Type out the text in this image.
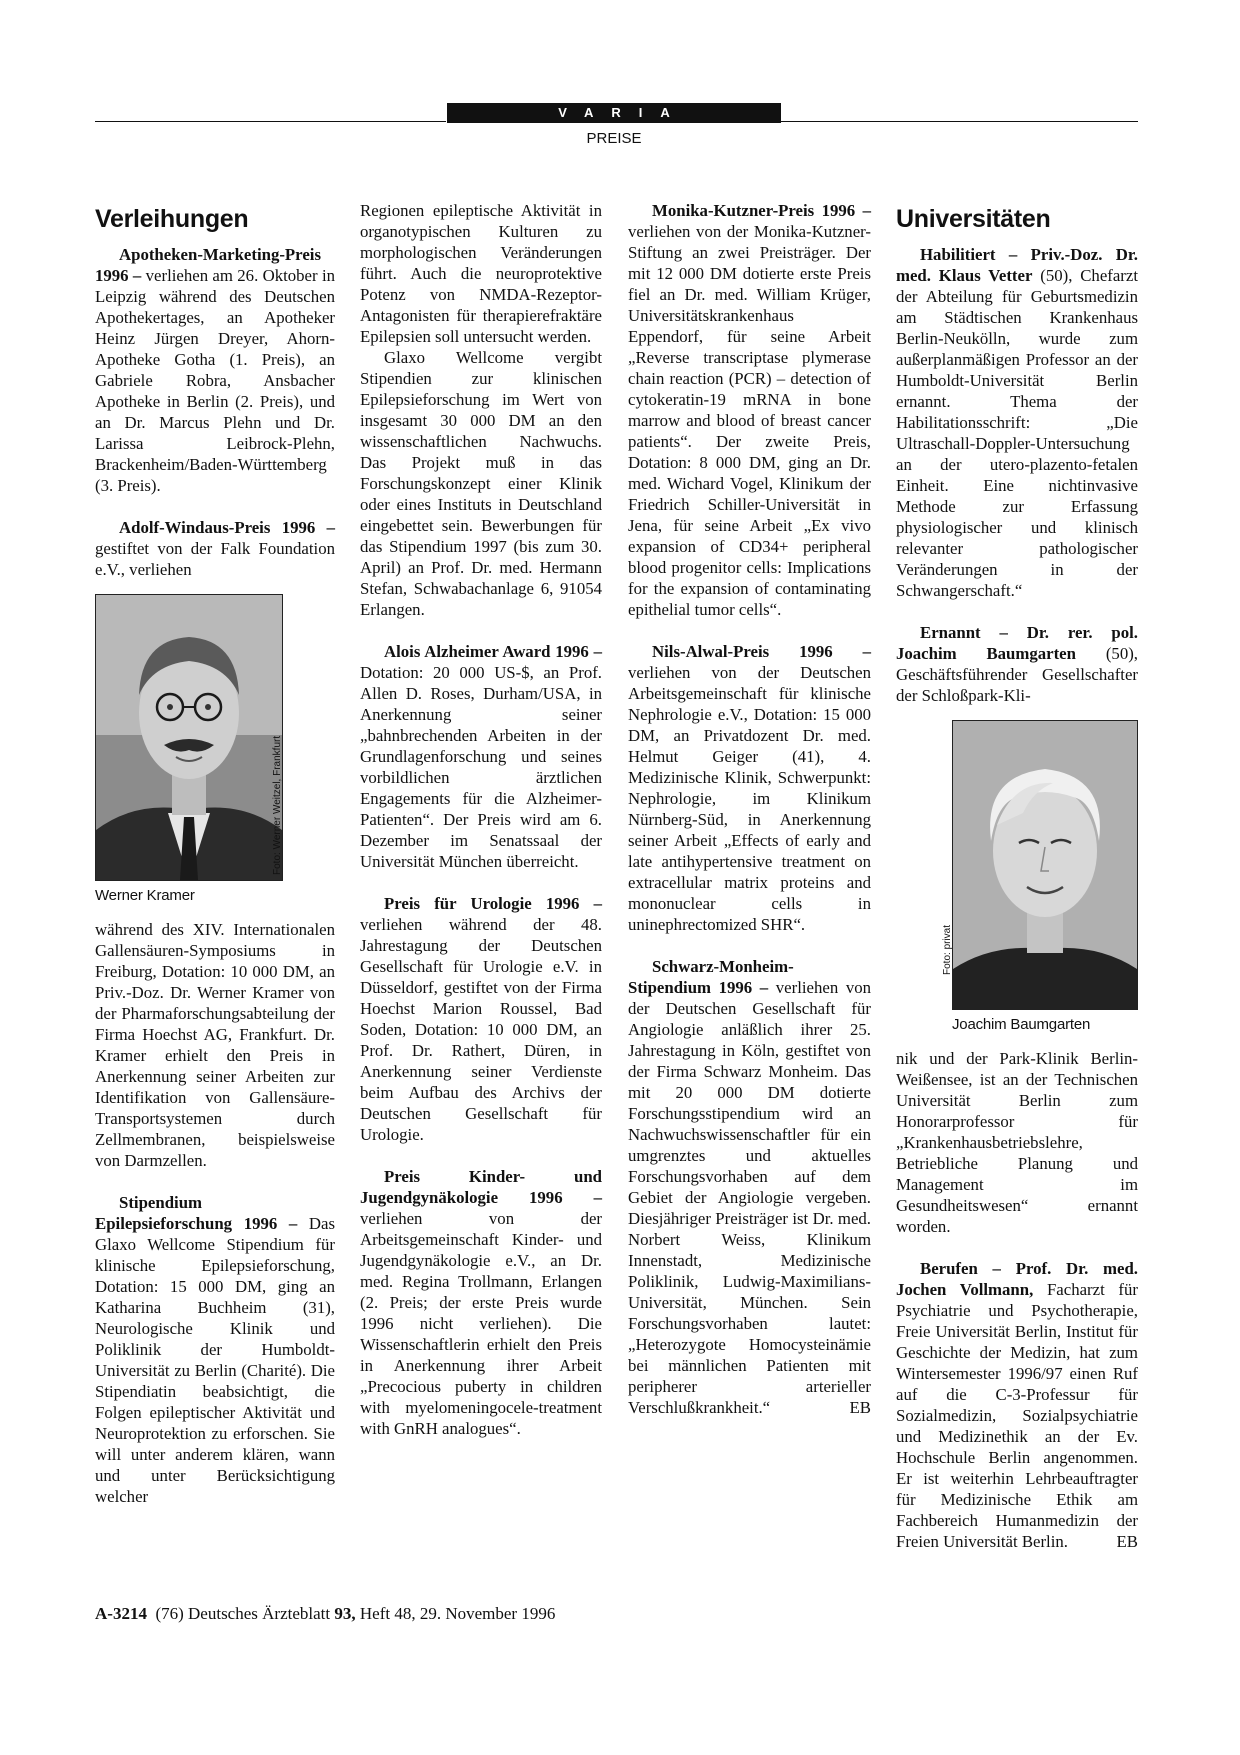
VARIA
PREISE
Verleihungen

Apotheken-Marketing-Preis 1996 – verliehen am 26. Oktober in Leipzig während des Deutschen Apothekertages, an Apotheker Heinz Jürgen Dreyer, Ahorn-Apotheke Gotha (1. Preis), an Gabriele Robra, Ansbacher Apotheke in Berlin (2. Preis), und an Dr. Marcus Plehn und Dr. Larissa Leibrock-Plehn, Brackenheim/Baden-Württemberg (3. Preis).

Adolf-Windaus-Preis 1996 – gestiftet von der Falk Foundation e.V., verliehen

Foto: Werner Weitzel, Frankfurt
Werner Kramer

während des XIV. Internationalen Gallensäuren-Symposiums in Freiburg, Dotation: 10 000 DM, an Priv.-Doz. Dr. Werner Kramer von der Pharmaforschungsabteilung der Firma Hoechst AG, Frankfurt. Dr. Kramer erhielt den Preis in Anerkennung seiner Arbeiten zur Identifikation von Gallensäure-Transportsystemen durch Zellmembranen, beispielsweise von Darmzellen.

Stipendium Epilepsieforschung 1996 – Das Glaxo Wellcome Stipendium für klinische Epilepsieforschung, Dotation: 15 000 DM, ging an Katharina Buchheim (31), Neurologische Klinik und Poliklinik der Humboldt-Universität zu Berlin (Charité). Die Stipendiatin beabsichtigt, die Folgen epileptischer Aktivität und Neuroprotektion zu erforschen. Sie will unter anderem klären, wann und unter Berücksichtigung welcher

Regionen epileptische Aktivität in organotypischen Kulturen zu morphologischen Veränderungen führt. Auch die neuroprotektive Potenz von NMDA-Rezeptor-Antagonisten für therapierefraktäre Epilepsien soll untersucht werden.

Glaxo Wellcome vergibt Stipendien zur klinischen Epilepsieforschung im Wert von insgesamt 30 000 DM an den wissenschaftlichen Nachwuchs. Das Projekt muß in das Forschungskonzept einer Klinik oder eines Instituts in Deutschland eingebettet sein. Bewerbungen für das Stipendium 1997 (bis zum 30. April) an Prof. Dr. med. Hermann Stefan, Schwabachanlage 6, 91054 Erlangen.

Alois Alzheimer Award 1996 – Dotation: 20 000 US-$, an Prof. Allen D. Roses, Durham/USA, in Anerkennung seiner „bahnbrechenden Arbeiten in der Grundlagenforschung und seines vorbildlichen ärztlichen Engagements für die Alzheimer-Patienten“. Der Preis wird am 6. Dezember im Senatssaal der Universität München überreicht.

Preis für Urologie 1996 – verliehen während der 48. Jahrestagung der Deutschen Gesellschaft für Urologie e.V. in Düsseldorf, gestiftet von der Firma Hoechst Marion Roussel, Bad Soden, Dotation: 10 000 DM, an Prof. Dr. Rathert, Düren, in Anerkennung seiner Verdienste beim Aufbau des Archivs der Deutschen Gesellschaft für Urologie.

Preis Kinder- und Jugendgynäkologie 1996 – verliehen von der Arbeitsgemeinschaft Kinder- und Jugendgynäkologie e.V., an Dr. med. Regina Trollmann, Erlangen (2. Preis; der erste Preis wurde 1996 nicht verliehen). Die Wissenschaftlerin erhielt den Preis in Anerkennung ihrer Arbeit „Precocious puberty in children with myelomeningocele-treatment with GnRH analogues“.

Monika-Kutzner-Preis 1996 – verliehen von der Monika-Kutzner-Stiftung an zwei Preisträger. Der mit 12 000 DM dotierte erste Preis fiel an Dr. med. William Krüger, Universitätskrankenhaus Eppendorf, für seine Arbeit „Reverse transcriptase plymerase chain reaction (PCR) – detection of cytokeratin-19 mRNA in bone marrow and blood of breast cancer patients“. Der zweite Preis, Dotation: 8 000 DM, ging an Dr. med. Wichard Vogel, Klinikum der Friedrich Schiller-Universität in Jena, für seine Arbeit „Ex vivo expansion of CD34+ peripheral blood progenitor cells: Implications for the expansion of contaminating epithelial tumor cells“.

Nils-Alwal-Preis 1996 – verliehen von der Deutschen Arbeitsgemeinschaft für klinische Nephrologie e.V., Dotation: 15 000 DM, an Privatdozent Dr. med. Helmut Geiger (41), 4. Medizinische Klinik, Schwerpunkt: Nephrologie, im Klinikum Nürnberg-Süd, in Anerkennung seiner Arbeit „Effects of early and late antihypertensive treatment on extracellular matrix proteins and mononuclear cells in uninephrectomized SHR“.

Schwarz-Monheim-Stipendium 1996 – verliehen von der Deutschen Gesellschaft für Angiologie anläßlich ihrer 25. Jahrestagung in Köln, gestiftet von der Firma Schwarz Monheim. Das mit 20 000 DM dotierte Forschungsstipendium wird an Nachwuchswissenschaftler für ein umgrenztes und aktuelles Forschungsvorhaben auf dem Gebiet der Angiologie vergeben. Diesjähriger Preisträger ist Dr. med. Norbert Weiss, Klinikum Innenstadt, Medizinische Poliklinik, Ludwig-Maximilians-Universität, München. Sein Forschungsvorhaben lautet: „Heterozygote Homocysteinämie bei männlichen Patienten mit peripherer arterieller Verschlußkrankheit.“	EB

Universitäten

Habilitiert – Priv.-Doz. Dr. med. Klaus Vetter (50), Chefarzt der Abteilung für Geburtsmedizin am Städtischen Krankenhaus Berlin-Neukölln, wurde zum außerplanmäßigen Professor an der Humboldt-Universität Berlin ernannt. Thema der Habilitationsschrift: „Die Ultraschall-Doppler-Untersuchung an der utero-plazento-fetalen Einheit. Eine nichtinvasive Methode zur Erfassung physiologischer und klinisch relevanter pathologischer Veränderungen in der Schwangerschaft.“

Ernannt – Dr. rer. pol. Joachim Baumgarten (50), Geschäftsführender Gesellschafter der Schloßpark-Kli-

Foto: privat
Joachim Baumgarten

nik und der Park-Klinik Berlin-Weißensee, ist an der Technischen Universität Berlin zum Honorarprofessor für „Krankenhausbetriebslehre, Betriebliche Planung und Management im Gesundheitswesen“ ernannt worden.

Berufen – Prof. Dr. med. Jochen Vollmann, Facharzt für Psychiatrie und Psychotherapie, Freie Universität Berlin, Institut für Geschichte der Medizin, hat zum Wintersemester 1996/97 einen Ruf auf die C-3-Professur für Sozialmedizin, Sozialpsychiatrie und Medizinethik an der Ev. Hochschule Berlin angenommen. Er ist weiterhin Lehrbeauftragter für Medizinische Ethik am Fachbereich Humanmedizin der Freien Universität Berlin.	EB

A-3214  (76) Deutsches Ärzteblatt 93, Heft 48, 29. November 1996
